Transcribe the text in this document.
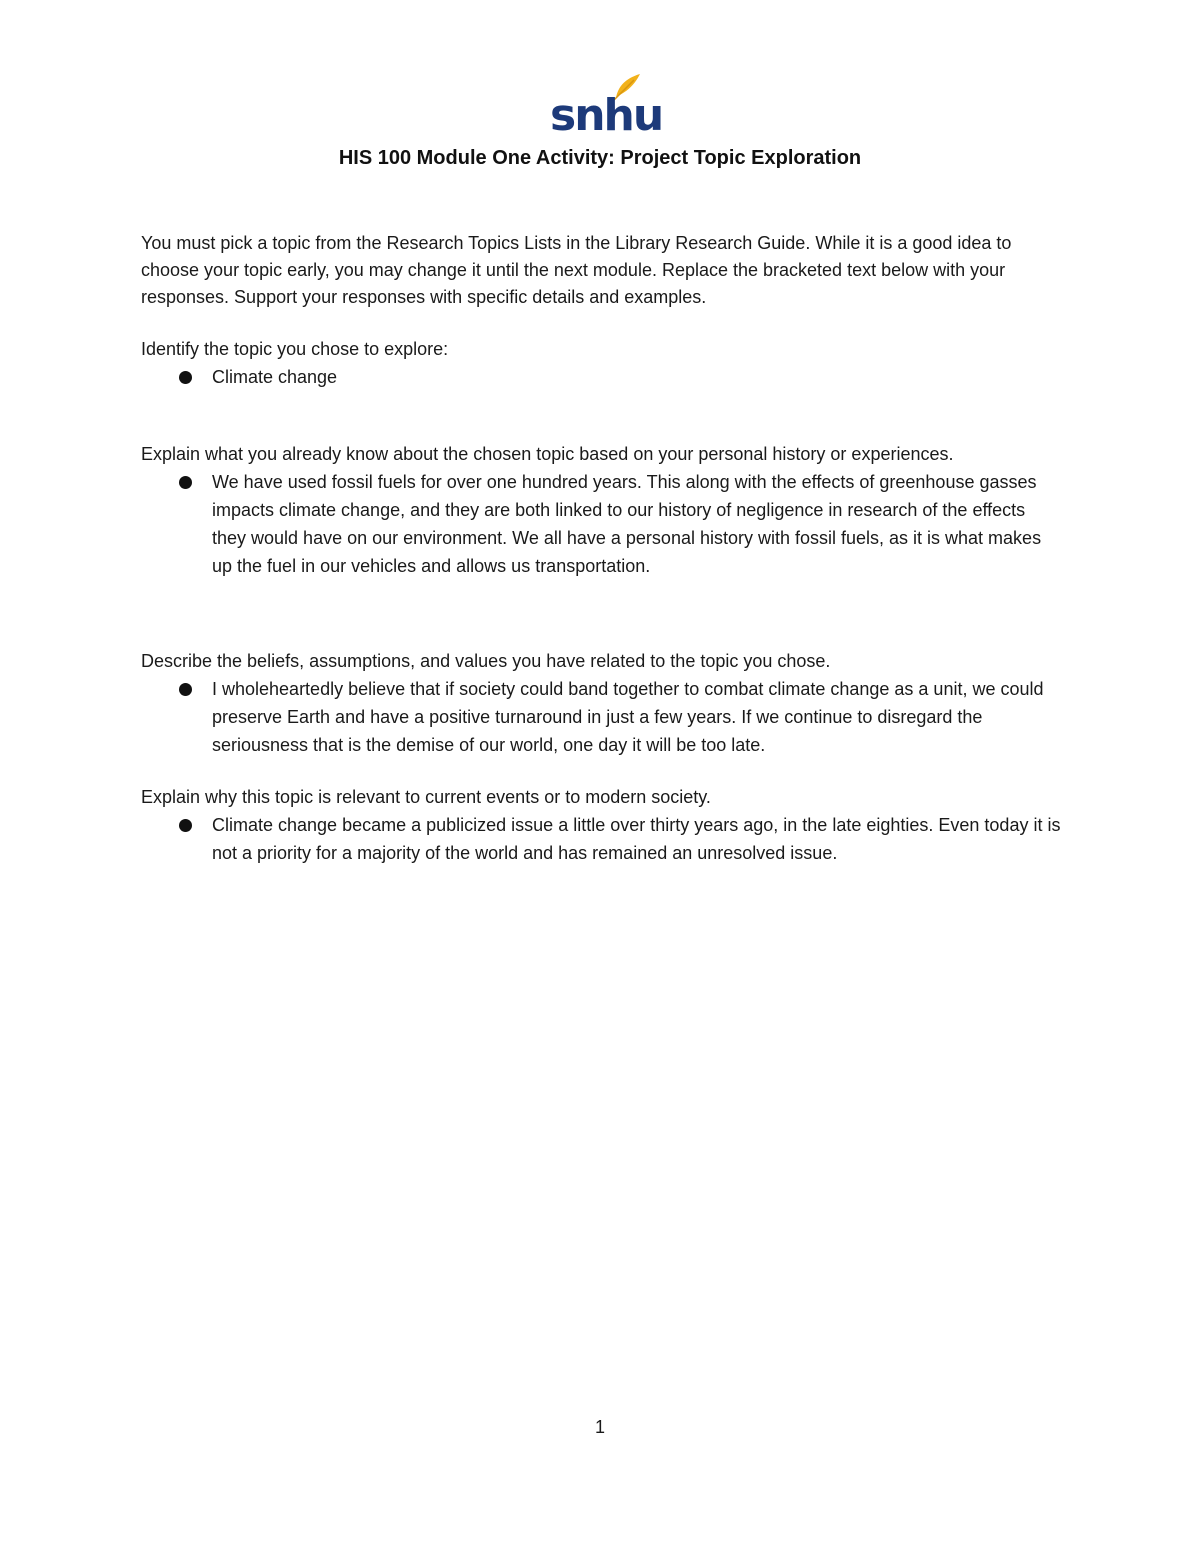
snhu
HIS 100 Module One Activity: Project Topic Exploration

You must pick a topic from the Research Topics Lists in the Library Research Guide. While it is a good idea to choose your topic early, you may change it until the next module. Replace the bracketed text below with your responses. Support your responses with specific details and examples.

Identify the topic you chose to explore:

Climate change

Explain what you already know about the chosen topic based on your personal history or experiences.

We have used fossil fuels for over one hundred years. This along with the effects of greenhouse gasses impacts climate change, and they are both linked to our history of negligence in research of the effects they would have on our environment. We all have a personal history with fossil fuels, as it is what makes up the fuel in our vehicles and allows us transportation.

Describe the beliefs, assumptions, and values you have related to the topic you chose.

I wholeheartedly believe that if society could band together to combat climate change as a unit, we could preserve Earth and have a positive turnaround in just a few years. If we continue to disregard the seriousness that is the demise of our world, one day it will be too late.

Explain why this topic is relevant to current events or to modern society.

Climate change became a publicized issue a little over thirty years ago, in the late eighties. Even today it is not a priority for a majority of the world and has remained an unresolved issue.
1
